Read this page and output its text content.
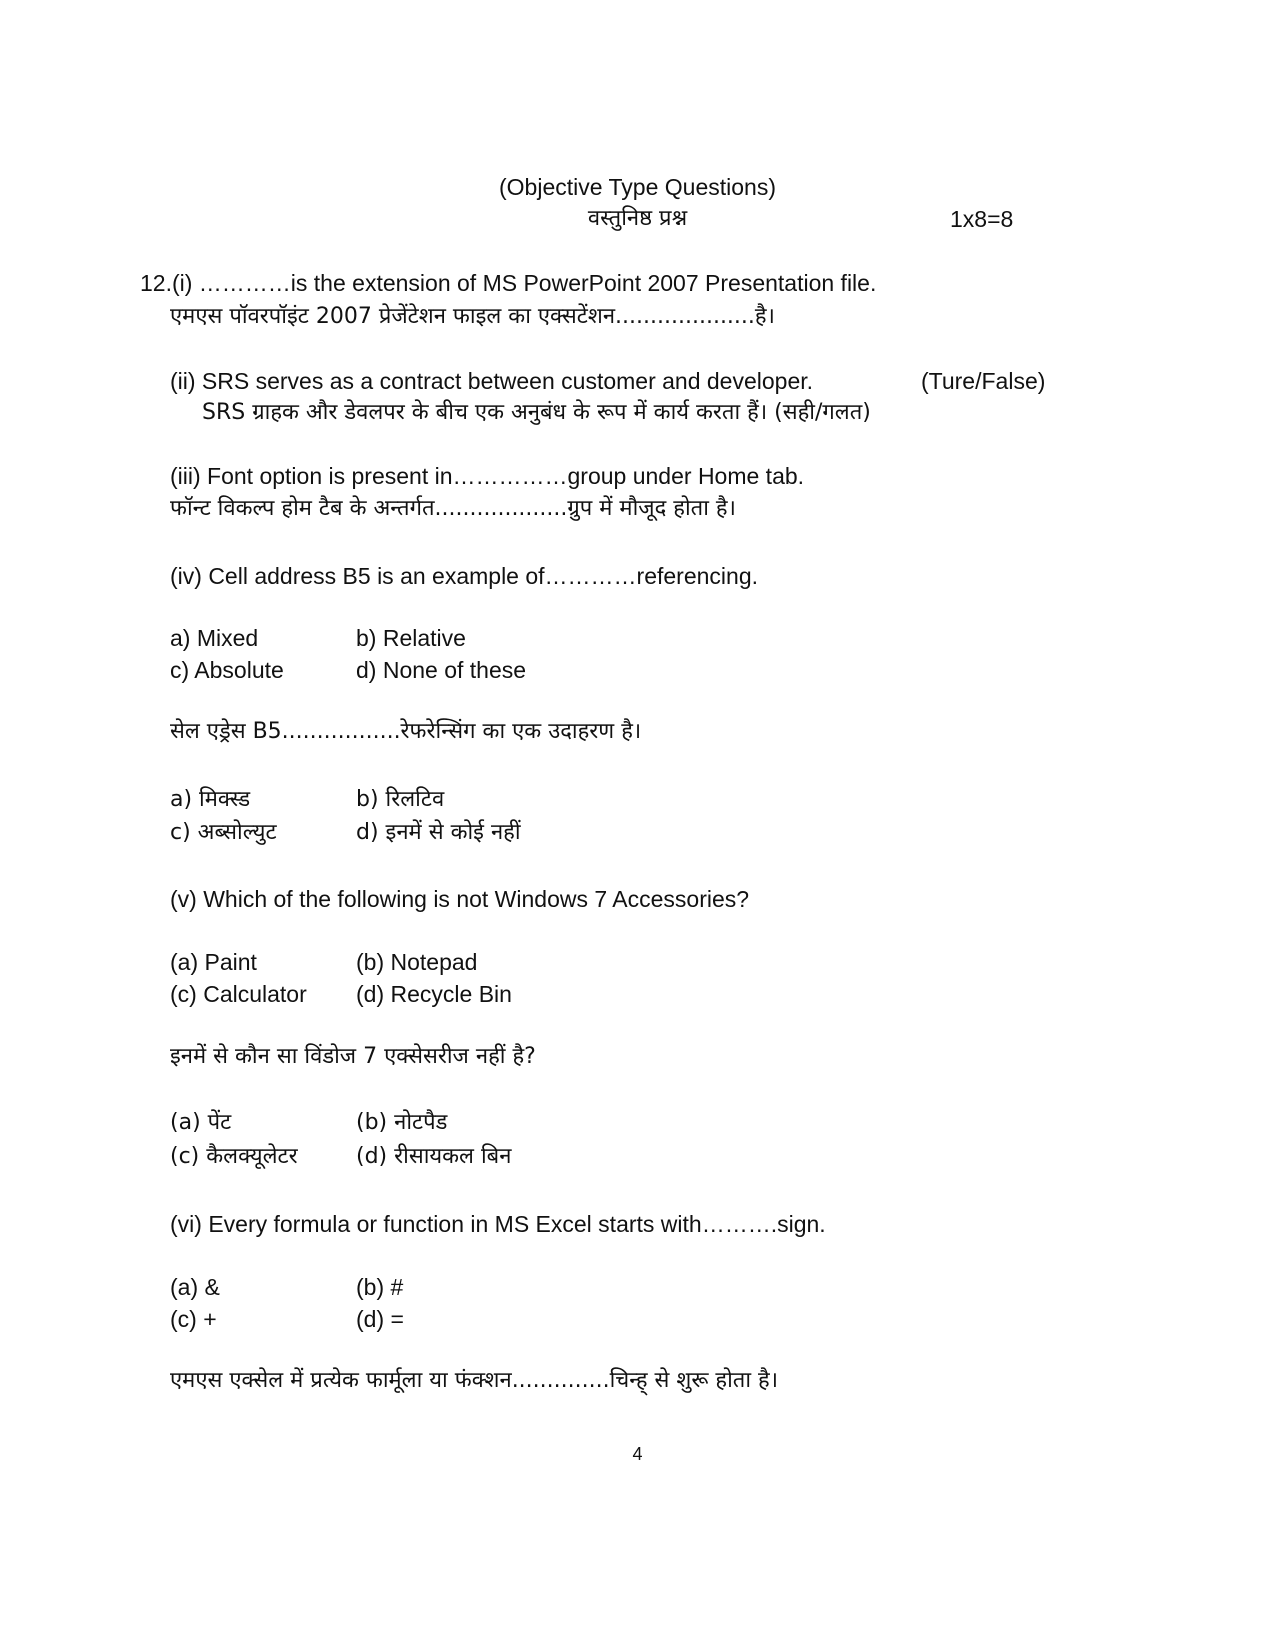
(Objective Type Questions)
वस्तुनिष्ठ प्रश्न	1x8=8
12.(i) …………is the extension of MS PowerPoint 2007 Presentation file.
एमएस पॉवरपॉइंट 2007 प्रेजेंटेशन फाइल का एक्सटेंशन....................है।
(ii) SRS serves as a contract between customer and developer.	(Ture/False)
SRS ग्राहक और डेवलपर के बीच एक अनुबंध के रूप में कार्य करता हैं। (सही/गलत)
(iii) Font option is present in……………group under Home tab.
फॉन्ट विकल्प होम टैब के अन्तर्गत...................ग्रुप में मौजूद होता है।
(iv) Cell address B5 is an example of…………referencing.
a) Mixed	b) Relative
c) Absolute	d) None of these
सेल एड्रेस B5.................रेफरेन्सिंग का एक उदाहरण है।
a) मिक्स्ड	b) रिलटिव
c) अब्सोल्युट	d) इनमें से कोई नहीं
(v) Which of the following is not Windows 7 Accessories?
(a) Paint	(b) Notepad
(c) Calculator (d) Recycle Bin
इनमें से कौन सा विंडोज 7 एक्सेसरीज नहीं है?
(a) पेंट	(b) नोटपैड
(c) कैलक्यूलेटर	(d) रीसायकल बिन
(vi) Every formula or function in MS Excel starts with……….sign.
(a) &	(b) #
(c) +	(d) =
एमएस एक्सेल में प्रत्येक फार्मूला या फंक्शन..............चिन्ह् से शुरू होता है।
4
